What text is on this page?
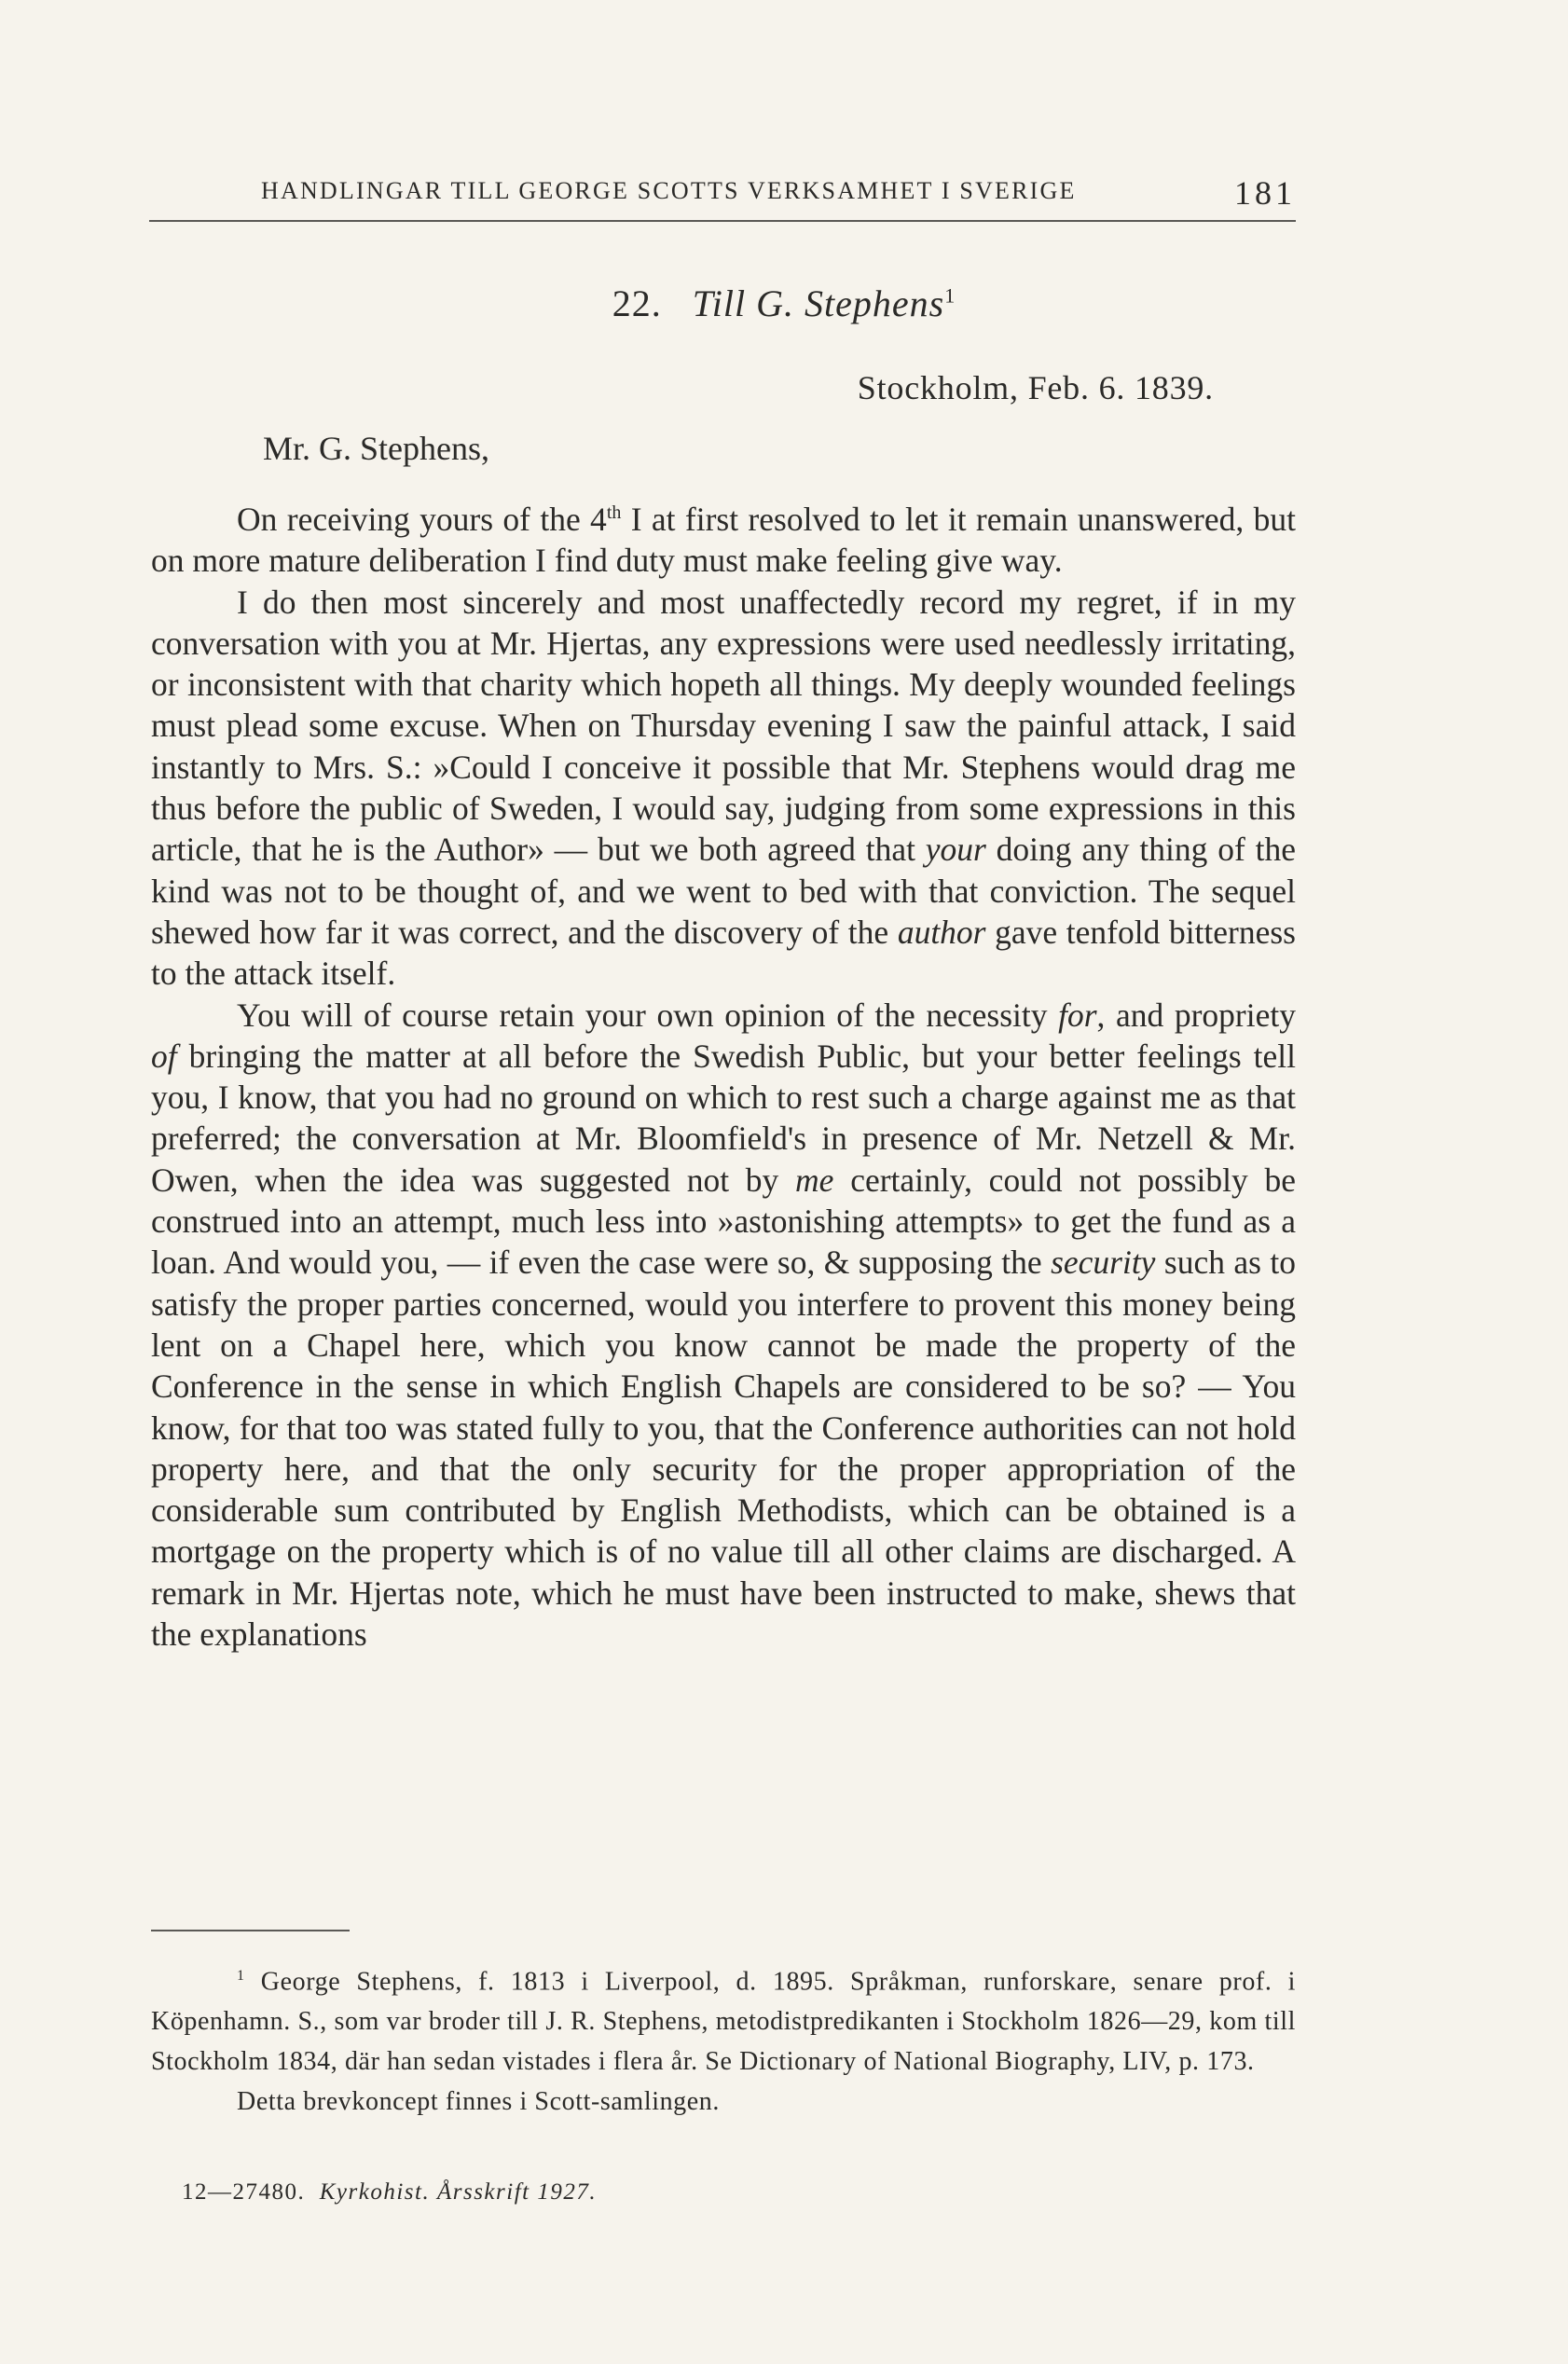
HANDLINGAR TILL GEORGE SCOTTS VERKSAMHET I SVERIGE	181
22. Till G. Stephens$^1$
Stockholm, Feb. 6. 1839.
Mr. G. Stephens,

On receiving yours of the 4th I at first resolved to let it remain unanswered, but on more mature deliberation I find duty must make feeling give way.

I do then most sincerely and most unaffectedly record my regret, if in my conversation with you at Mr. Hjertas, any expressions were used needlessly irritating, or inconsistent with that charity which hopeth all things. My deeply wounded feelings must plead some excuse. When on Thursday evening I saw the painful attack, I said instantly to Mrs. S.: »Could I conceive it possible that Mr. Stephens would drag me thus before the public of Sweden, I would say, judging from some expressions in this article, that he is the Author» — but we both agreed that your doing any thing of the kind was not to be thought of, and we went to bed with that conviction. The sequel shewed how far it was correct, and the discovery of the author gave tenfold bitterness to the attack itself.

You will of course retain your own opinion of the necessity for, and propriety of bringing the matter at all before the Swedish Public, but your better feelings tell you, I know, that you had no ground on which to rest such a charge against me as that preferred; the conversation at Mr. Bloomfield's in presence of Mr. Netzell & Mr. Owen, when the idea was suggested not by me certainly, could not possibly be construed into an attempt, much less into »astonishing attempts» to get the fund as a loan. And would you, — if even the case were so, & supposing the security such as to satisfy the proper parties concerned, would you interfere to provent this money being lent on a Chapel here, which you know cannot be made the property of the Conference in the sense in which English Chapels are considered to be so? — You know, for that too was stated fully to you, that the Conference authorities can not hold property here, and that the only security for the proper appropriation of the considerable sum contributed by English Methodists, which can be obtained is a mortgage on the property which is of no value till all other claims are discharged. A remark in Mr. Hjertas note, which he must have been instructed to make, shews that the explanations

$^1$ George Stephens, f. 1813 i Liverpool, d. 1895. Språkman, runforskare, senare prof. i Köpenhamn. S., som var broder till J. R. Stephens, metodistpredikanten i Stockholm 1826—29, kom till Stockholm 1834, där han sedan vistades i flera år. Se Dictionary of National Biography, LIV, p. 173.

Detta brevkoncept finnes i Scott-samlingen.

12—27480. Kyrkohist. Årsskrift 1927.
